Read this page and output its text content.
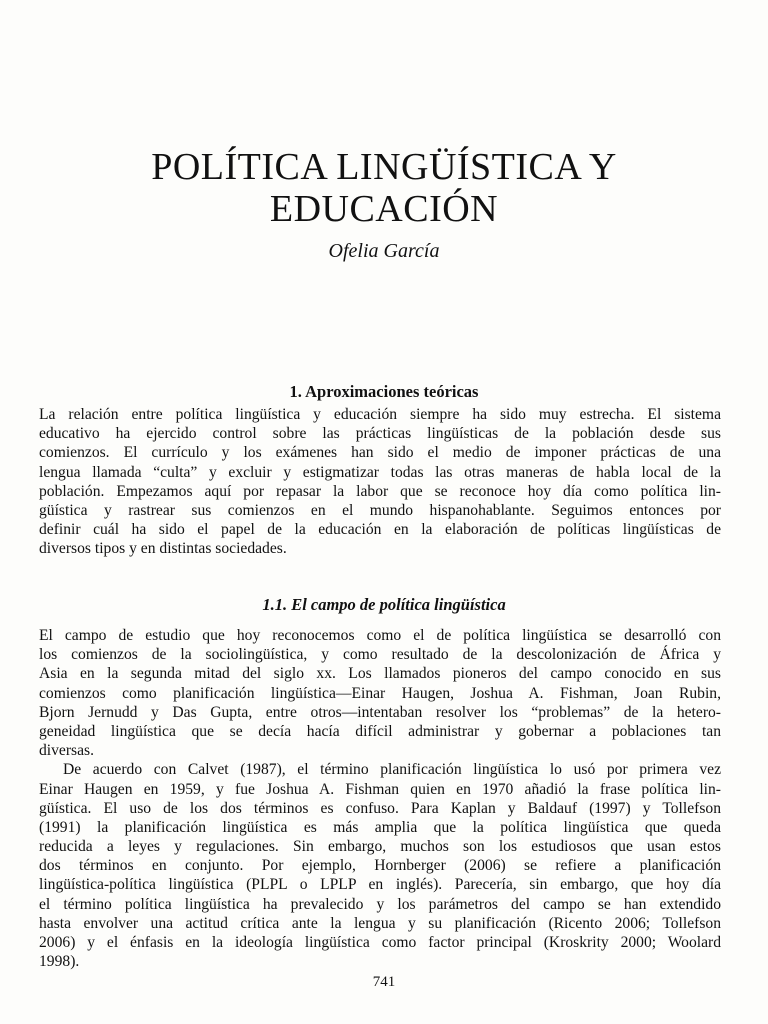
POLÍTICA LINGÜÍSTICA Y
EDUCACIÓN
Ofelia García
1. Aproximaciones teóricas
La relación entre política lingüística y educación siempre ha sido muy estrecha. El sistema
educativo ha ejercido control sobre las prácticas lingüísticas de la población desde sus
comienzos. El currículo y los exámenes han sido el medio de imponer prácticas de una
lengua llamada “culta” y excluir y estigmatizar todas las otras maneras de habla local de la
población. Empezamos aquí por repasar la labor que se reconoce hoy día como política lin-
güística y rastrear sus comienzos en el mundo hispanohablante. Seguimos entonces por
definir cuál ha sido el papel de la educación en la elaboración de políticas lingüísticas de
diversos tipos y en distintas sociedades.
1.1. El campo de política lingüística
El campo de estudio que hoy reconocemos como el de política lingüística se desarrolló con
los comienzos de la sociolingüística, y como resultado de la descolonización de África y
Asia en la segunda mitad del siglo xx. Los llamados pioneros del campo conocido en sus
comienzos como planificación lingüística—Einar Haugen, Joshua A. Fishman, Joan Rubin,
Bjorn Jernudd y Das Gupta, entre otros—intentaban resolver los “problemas” de la hetero-
geneidad lingüística que se decía hacía difícil administrar y gobernar a poblaciones tan
diversas.
De acuerdo con Calvet (1987), el término planificación lingüística lo usó por primera vez
Einar Haugen en 1959, y fue Joshua A. Fishman quien en 1970 añadió la frase política lin-
güística. El uso de los dos términos es confuso. Para Kaplan y Baldauf (1997) y Tollefson
(1991) la planificación lingüística es más amplia que la política lingüística que queda
reducida a leyes y regulaciones. Sin embargo, muchos son los estudiosos que usan estos
dos términos en conjunto. Por ejemplo, Hornberger (2006) se refiere a planificación
lingüística-política lingüística (PLPL o LPLP en inglés). Parecería, sin embargo, que hoy día
el término política lingüística ha prevalecido y los parámetros del campo se han extendido
hasta envolver una actitud crítica ante la lengua y su planificación (Ricento 2006; Tollefson
2006) y el énfasis en la ideología lingüística como factor principal (Kroskrity 2000; Woolard
1998).
741
